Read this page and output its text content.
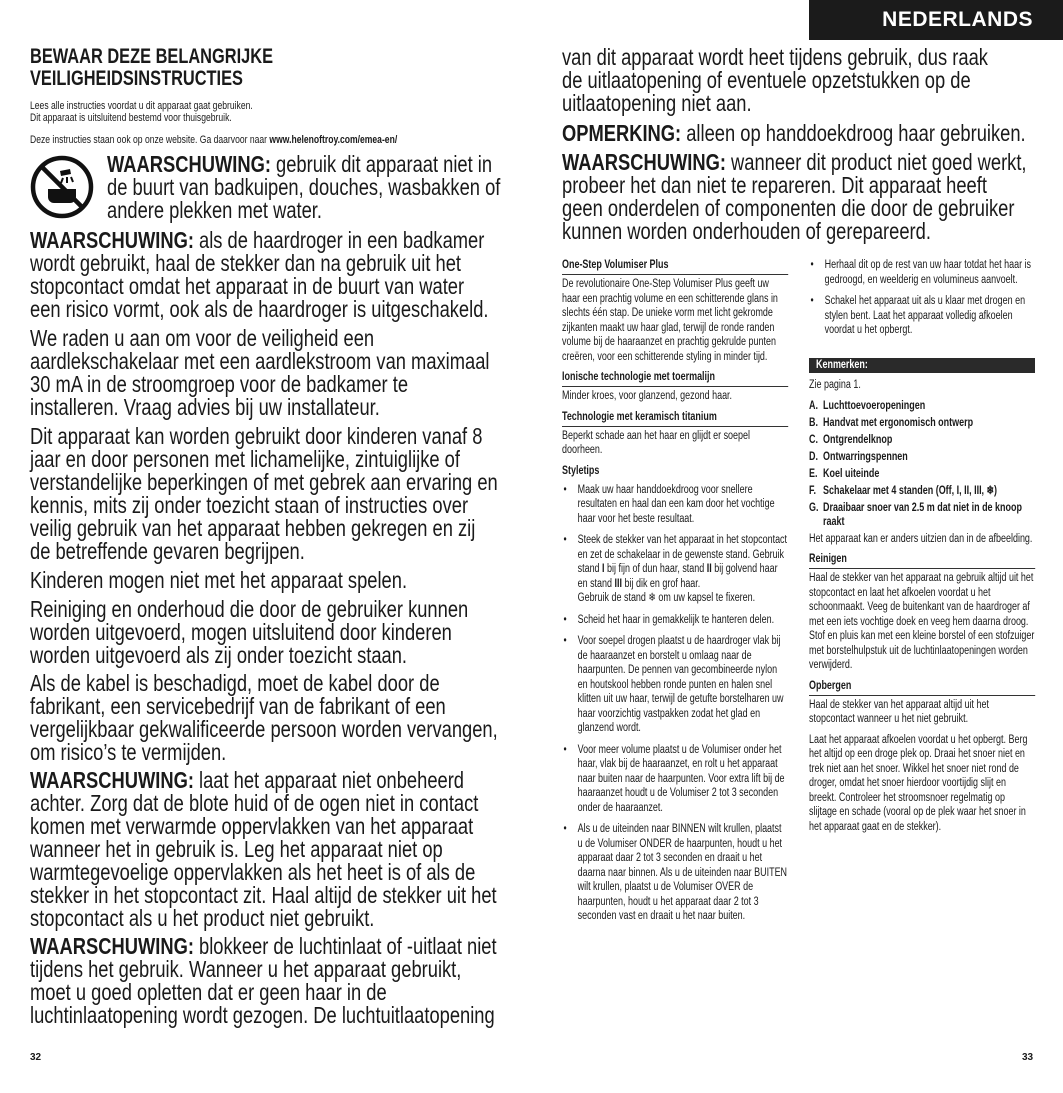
NEDERLANDS
BEWAAR DEZE BELANGRIJKE VEILIGHEIDSINSTRUCTIES
Lees alle instructies voordat u dit apparaat gaat gebruiken.
Dit apparaat is uitsluitend bestemd voor thuisgebruik.
Deze instructies staan ook op onze website. Ga daarvoor naar www.helenoftroy.com/emea-en/
WAARSCHUWING: gebruik dit apparaat niet in de buurt van badkuipen, douches, wasbakken of andere plekken met water.
WAARSCHUWING: als de haardroger in een badkamer wordt gebruikt, haal de stekker dan na gebruik uit het stopcontact omdat het apparaat in de buurt van water een risico vormt, ook als de haardroger is uitgeschakeld.
We raden u aan om voor de veiligheid een aardlekschakelaar met een aardlekstroom van maximaal 30 mA in de stroomgroep voor de badkamer te installeren. Vraag advies bij uw installateur.
Dit apparaat kan worden gebruikt door kinderen vanaf 8 jaar en door personen met lichamelijke, zintuiglijke of verstandelijke beperkingen of met gebrek aan ervaring en kennis, mits zij onder toezicht staan of instructies over veilig gebruik van het apparaat hebben gekregen en zij de betreffende gevaren begrijpen.
Kinderen mogen niet met het apparaat spelen.
Reiniging en onderhoud die door de gebruiker kunnen worden uitgevoerd, mogen uitsluitend door kinderen worden uitgevoerd als zij onder toezicht staan.
Als de kabel is beschadigd, moet de kabel door de fabrikant, een servicebedrijf van de fabrikant of een vergelijkbaar gekwalificeerde persoon worden vervangen, om risico’s te vermijden.
WAARSCHUWING: laat het apparaat niet onbeheerd achter. Zorg dat de blote huid of de ogen niet in contact komen met verwarmde oppervlakken van het apparaat wanneer het in gebruik is. Leg het apparaat niet op warmtegevoelige oppervlakken als het heet is of als de stekker in het stopcontact zit. Haal altijd de stekker uit het stopcontact als u het product niet gebruikt.
WAARSCHUWING: blokkeer de luchtinlaat of -uitlaat niet tijdens het gebruik. Wanneer u het apparaat gebruikt, moet u goed opletten dat er geen haar in de luchtinlaatopening wordt gezogen. De luchtuitlaatopening
32
van dit apparaat wordt heet tijdens gebruik, dus raak de uitlaatopening of eventuele opzetstukken op de uitlaatopening niet aan.
OPMERKING: alleen op handdoekdroog haar gebruiken.
WAARSCHUWING: wanneer dit product niet goed werkt, probeer het dan niet te repareren. Dit apparaat heeft geen onderdelen of componenten die door de gebruiker kunnen worden onderhouden of gerepareerd.
One-Step Volumiser Plus
De revolutionaire One-Step Volumiser Plus geeft uw haar een prachtig volume en een schitterende glans in slechts één stap. De unieke vorm met licht gekromde zijkanten maakt uw haar glad, terwijl de ronde randen volume bij de haaraanzet en prachtig gekrulde punten creëren, voor een schitterende styling in minder tijd.
Ionische technologie met toermalijn
Minder kroes, voor glanzend, gezond haar.
Technologie met keramisch titanium
Beperkt schade aan het haar en glijdt er soepel doorheen.
Styletips
• Maak uw haar handdoekdroog voor snellere resultaten en haal dan een kam door het vochtige haar voor het beste resultaat.
• Steek de stekker van het apparaat in het stopcontact en zet de schakelaar in de gewenste stand. Gebruik stand I bij fijn of dun haar, stand II bij golvend haar en stand III bij dik en grof haar.
Gebruik de stand ❄ om uw kapsel te fixeren.
• Scheid het haar in gemakkelijk te hanteren delen.
• Voor soepel drogen plaatst u de haardroger vlak bij de haaraanzet en borstelt u omlaag naar de haarpunten. De pennen van gecombineerde nylon en houtskool hebben ronde punten en halen snel klitten uit uw haar, terwijl de getufte borstelharen uw haar voorzichtig vastpakken zodat het glad en glanzend wordt.
• Voor meer volume plaatst u de Volumiser onder het haar, vlak bij de haaraanzet, en rolt u het apparaat naar buiten naar de haarpunten. Voor extra lift bij de haaraanzet houdt u de Volumiser 2 tot 3 seconden onder de haaraanzet.
• Als u de uiteinden naar BINNEN wilt krullen, plaatst u de Volumiser ONDER de haarpunten, houdt u het apparaat daar 2 tot 3 seconden en draait u het daarna naar binnen. Als u de uiteinden naar BUITEN wilt krullen, plaatst u de Volumiser OVER de haarpunten, houdt u het apparaat daar 2 tot 3 seconden vast en draait u het naar buiten.
• Herhaal dit op de rest van uw haar totdat het haar is gedroogd, en weelderig en voluminеus aanvoelt.
• Schakel het apparaat uit als u klaar met drogen en stylen bent. Laat het apparaat volledig afkoelen voordat u het opbergt.
Kenmerken:
Zie pagina 1.
A. Luchttoevoeropeningen
B. Handvat met ergonomisch ontwerp
C. Ontgrendelknop
D. Ontwarringspennen
E. Koel uiteinde
F. Schakelaar met 4 standen (Off, I, II, III, ❄)
G. Draaibaar snoer van 2.5 m dat niet in de knoop raakt
Het apparaat kan er anders uitzien dan in de afbeelding.
Reinigen
Haal de stekker van het apparaat na gebruik altijd uit het stopcontact en laat het afkoelen voordat u het schoonmaakt. Veeg de buitenkant van de haardroger af met een iets vochtige doek en veeg hem daarna droog. Stof en pluis kan met een kleine borstel of een stofzuiger met borstelhulpstuk uit de luchtinlaatopeningen worden verwijderd.
Opbergen
Haal de stekker van het apparaat altijd uit het stopcontact wanneer u het niet gebruikt.
Laat het apparaat afkoelen voordat u het opbergt. Berg het altijd op een droge plek op. Draai het snoer niet en trek niet aan het snoer. Wikkel het snoer niet rond de droger, omdat het snoer hierdoor voortijdig slijt en breekt. Controleer het stroomsnoer regelmatig op slijtage en schade (vooral op de plek waar het snoer in het apparaat gaat en de stekker).
33
